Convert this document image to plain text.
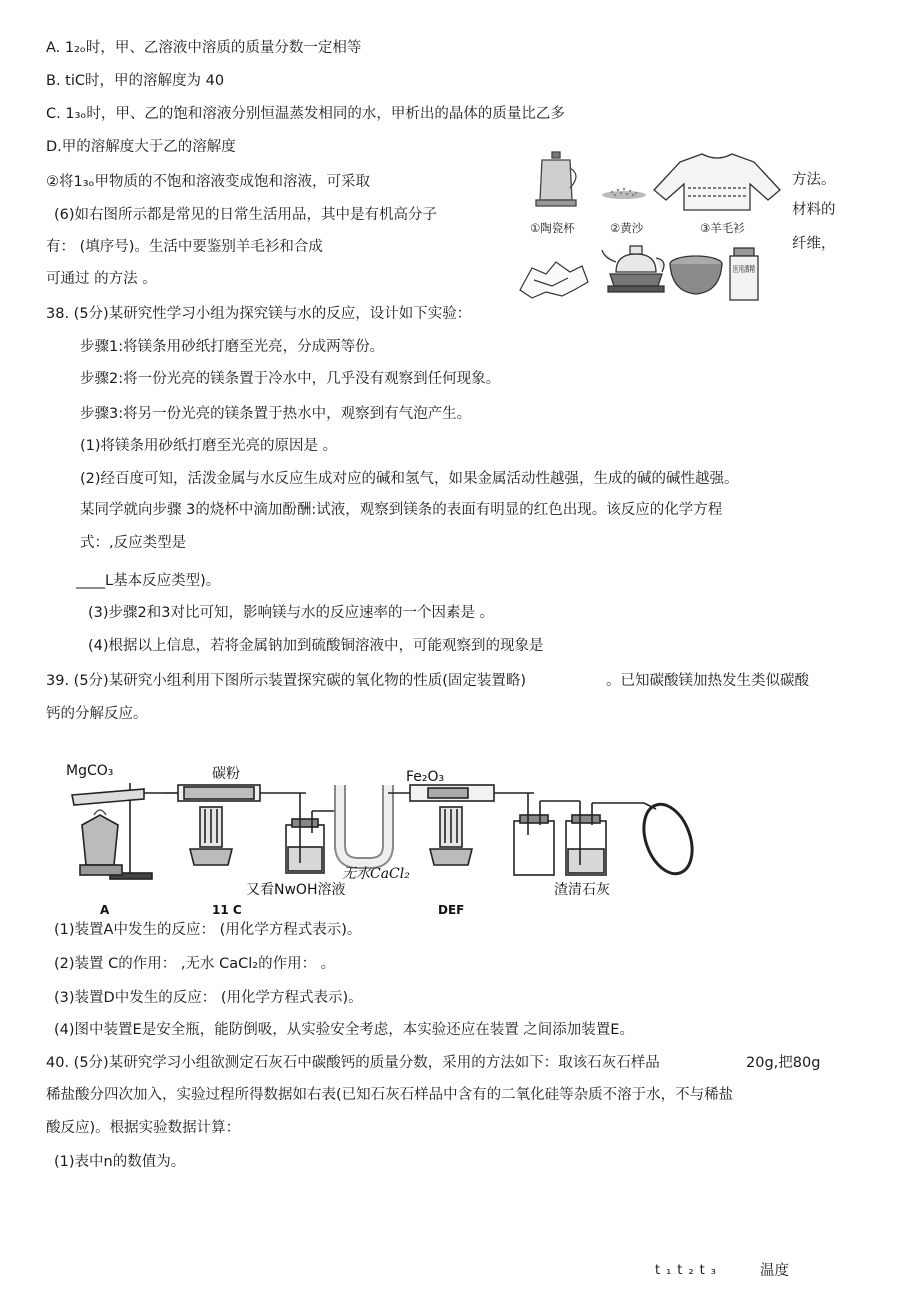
A. 1₂ₒ时，甲、乙溶液中溶质的质量分数一定相等
B. tiC时，甲的溶解度为 40
C. 1₃ₒ时，甲、乙的饱和溶液分别恒温蒸发相同的水，甲析出的晶体的质量比乙多
D.甲的溶解度大于乙的溶解度
②将1₃ₒ甲物质的不饱和溶液变成饱和溶液，可采取	方法。
(6)如右图所示都是常见的日常生活用品，其中是有机高分子	材料的
有： (填序号)。生活中要鉴别羊毛衫和合成	纤维，
可通过 的方法 。
①陶瓷杯	②黄沙	③羊毛衫
医用酒精
38. (5分)某研究性学习小组为探究镁与水的反应，设计如下实验：
步骤1:将镁条用砂纸打磨至光亮，分成两等份。
步骤2:将一份光亮的镁条置于冷水中，几乎没有观察到任何现象。
步骤3:将另一份光亮的镁条置于热水中，观察到有气泡产生。
(1)将镁条用砂纸打磨至光亮的原因是 。
(2)经百度可知，活泼金属与水反应生成对应的碱和氢气，如果金属活动性越强，生成的碱的碱性越强。
某同学就向步骤 3的烧杯中滴加酚酬:试液，观察到镁条的表面有明显的红色出现。该反应的化学方程
式：,反应类型是
____L基本反应类型)。
(3)步骤2和3对比可知，影响镁与水的反应速率的一个因素是 。
(4)根据以上信息，若将金属钠加到硫酸铜溶液中，可能观察到的现象是
39. (5分)某研究小组利用下图所示装置探究碳的氧化物的性质(固定装置略)	。已知碳酸镁加热发生类似碳酸
钙的分解反应。
MgCO₃	碳粉	Fe₂O₃
无水CaCl₂
又看NwOH溶液	渣清石灰
A	11 C	DEF
(1)装置A中发生的反应： (用化学方程式表示)。
(2)装置 C的作用： ,无水 CaCl₂的作用： 。
(3)装置D中发生的反应： (用化学方程式表示)。
(4)图中装置E是安全瓶，能防倒吸，从实验安全考虑，本实验还应在装置 之间添加装置E。
40. (5分)某研究学习小组欲测定石灰石中碳酸钙的质量分数，采用的方法如下：取该石灰石样品	20g,把80g
稀盐酸分四次加入，实验过程所得数据如右表(已知石灰石样品中含有的二氧化硅等杂质不溶于水，不与稀盐
酸反应)。根据实验数据计算：
(1)表中n的数值为。
t₁t₂t₃	温度
